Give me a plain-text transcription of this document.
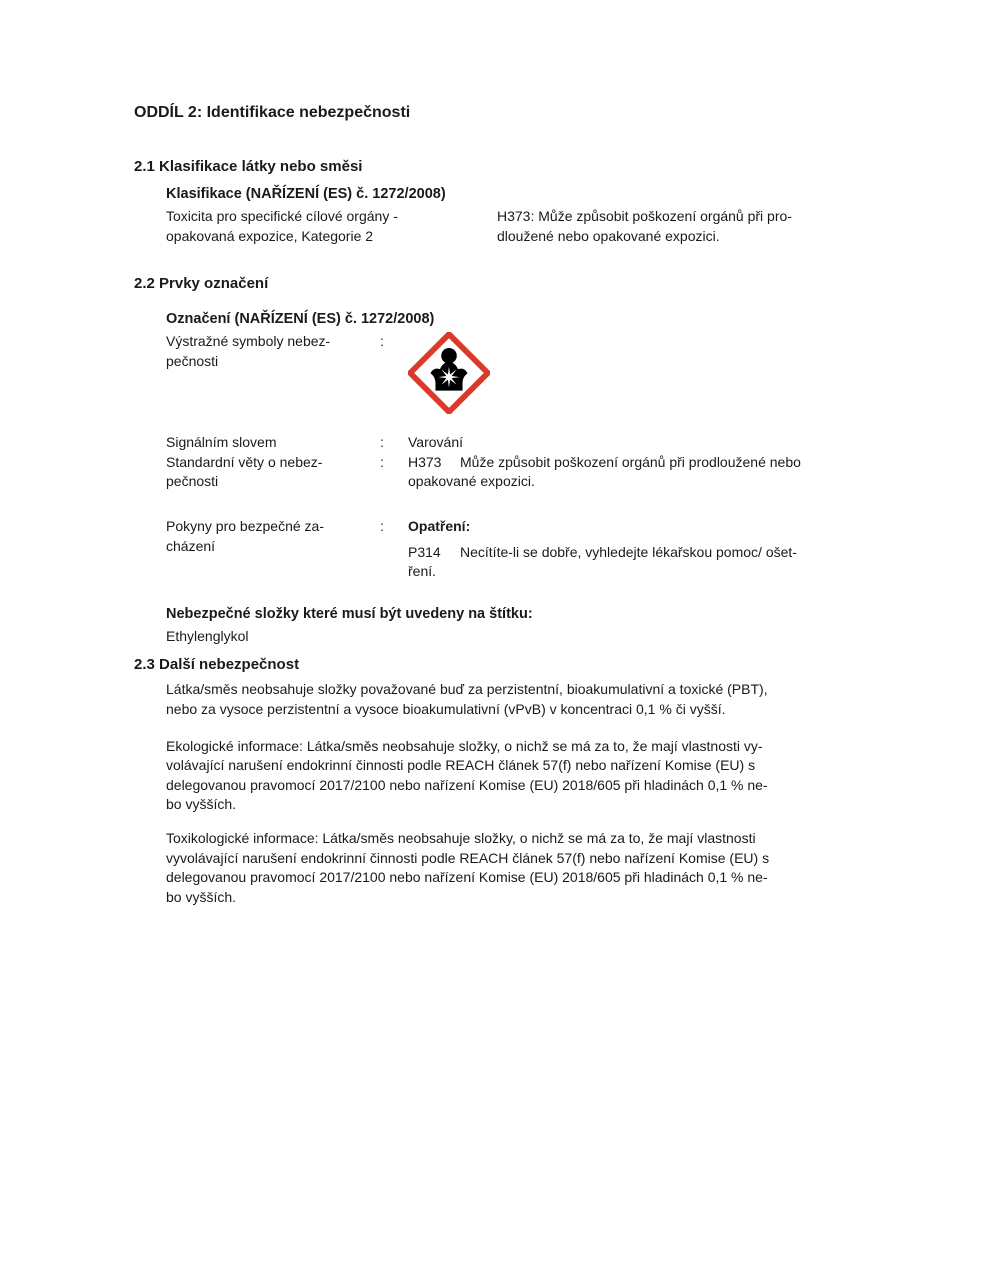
ODDÍL 2: Identifikace nebezpečnosti
2.1 Klasifikace látky nebo směsi
Klasifikace (NAŘÍZENÍ (ES) č. 1272/2008)
Toxicita pro specifické cílové orgány -
opakovaná expozice, Kategorie 2
H373: Může způsobit poškození orgánů při pro-
dloužené nebo opakované expozici.
2.2 Prvky označení
Označení (NAŘÍZENÍ (ES) č. 1272/2008)
Výstražné symboly nebez-
pečnosti
:
Signálním slovem	:	Varování
Standardní věty o nebez-
pečnosti
:	H373 Může způsobit poškození orgánů při prodloužené nebo
opakované expozici.
Pokyny pro bezpečné za-
cházení
:	Opatření:
P314 Necítíte-li se dobře, vyhledejte lékařskou pomoc/ ošet-
ření.
Nebezpečné složky které musí být uvedeny na štítku:
Ethylenglykol
2.3 Další nebezpečnost
Látka/směs neobsahuje složky považované buď za perzistentní, bioakumulativní a toxické (PBT),
nebo za vysoce perzistentní a vysoce bioakumulativní (vPvB) v koncentraci 0,1 % či vyšší.
Ekologické informace: Látka/směs neobsahuje složky, o nichž se má za to, že mají vlastnosti vy-
volávající narušení endokrinní činnosti podle REACH článek 57(f) nebo nařízení Komise (EU) s
delegovanou pravomocí 2017/2100 nebo nařízení Komise (EU) 2018/605 při hladinách 0,1 % ne-
bo vyšších.
Toxikologické informace: Látka/směs neobsahuje složky, o nichž se má za to, že mají vlastnosti
vyvolávající narušení endokrinní činnosti podle REACH článek 57(f) nebo nařízení Komise (EU) s
delegovanou pravomocí 2017/2100 nebo nařízení Komise (EU) 2018/605 při hladinách 0,1 % ne-
bo vyšších.
